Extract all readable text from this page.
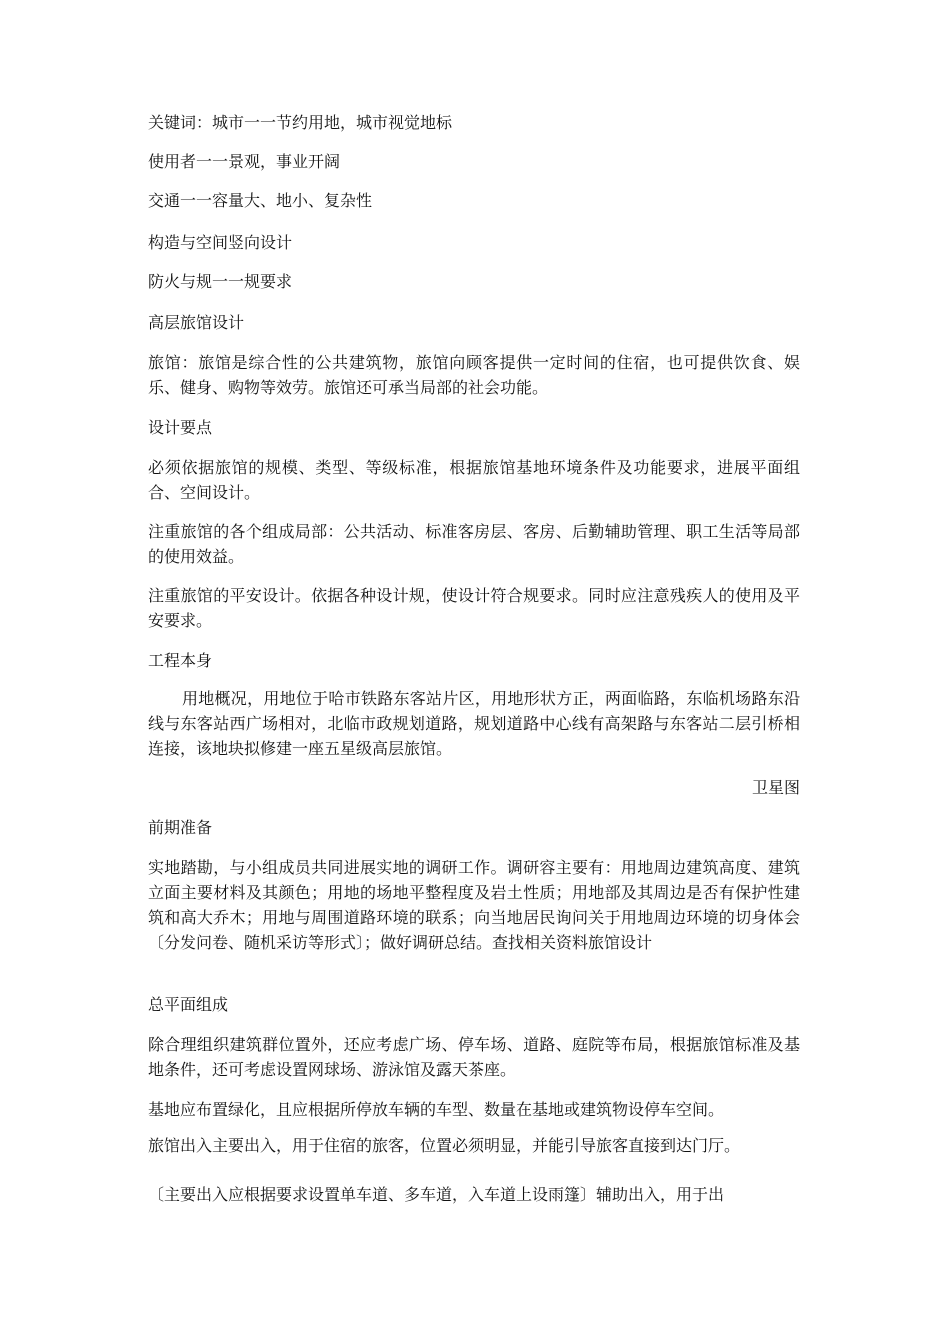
关键词：城市一一节约用地，城市视觉地标
使用者一一景观，事业开阔
交通一一容量大、地小、复杂性
构造与空间竖向设计
防火与规一一规要求
高层旅馆设计
旅馆：旅馆是综合性的公共建筑物，旅馆向顾客提供一定时间的住宿，也可提供饮食、娱乐、健身、购物等效劳。旅馆还可承当局部的社会功能。
设计要点
必须依据旅馆的规模、类型、等级标准，根据旅馆基地环境条件及功能要求，进展平面组合、空间设计。
注重旅馆的各个组成局部：公共活动、标准客房层、客房、后勤辅助管理、职工生活等局部的使用效益。
注重旅馆的平安设计。依据各种设计规，使设计符合规要求。同时应注意残疾人的使用及平安要求。
工程本身
用地概况，用地位于哈市铁路东客站片区，用地形状方正，两面临路，东临机场路东沿线与东客站西广场相对，北临市政规划道路，规划道路中心线有高架路与东客站二层引桥相连接，该地块拟修建一座五星级高层旅馆。
卫星图
前期准备
实地踏勘，与小组成员共同进展实地的调研工作。调研容主要有：用地周边建筑高度、建筑立面主要材料及其颜色；用地的场地平整程度及岩土性质；用地部及其周边是否有保护性建筑和高大乔木；用地与周围道路环境的联系；向当地居民询问关于用地周边环境的切身体会〔分发问卷、随机采访等形式〕；做好调研总结。查找相关资料旅馆设计
总平面组成
除合理组织建筑群位置外，还应考虑广场、停车场、道路、庭院等布局，根据旅馆标准及基地条件，还可考虑设置网球场、游泳馆及露天茶座。
基地应布置绿化，且应根据所停放车辆的车型、数量在基地或建筑物设停车空间。
旅馆出入主要出入，用于住宿的旅客，位置必须明显，并能引导旅客直接到达门厅。
〔主要出入应根据要求设置单车道、多车道，入车道上设雨篷〕辅助出入，用于出
